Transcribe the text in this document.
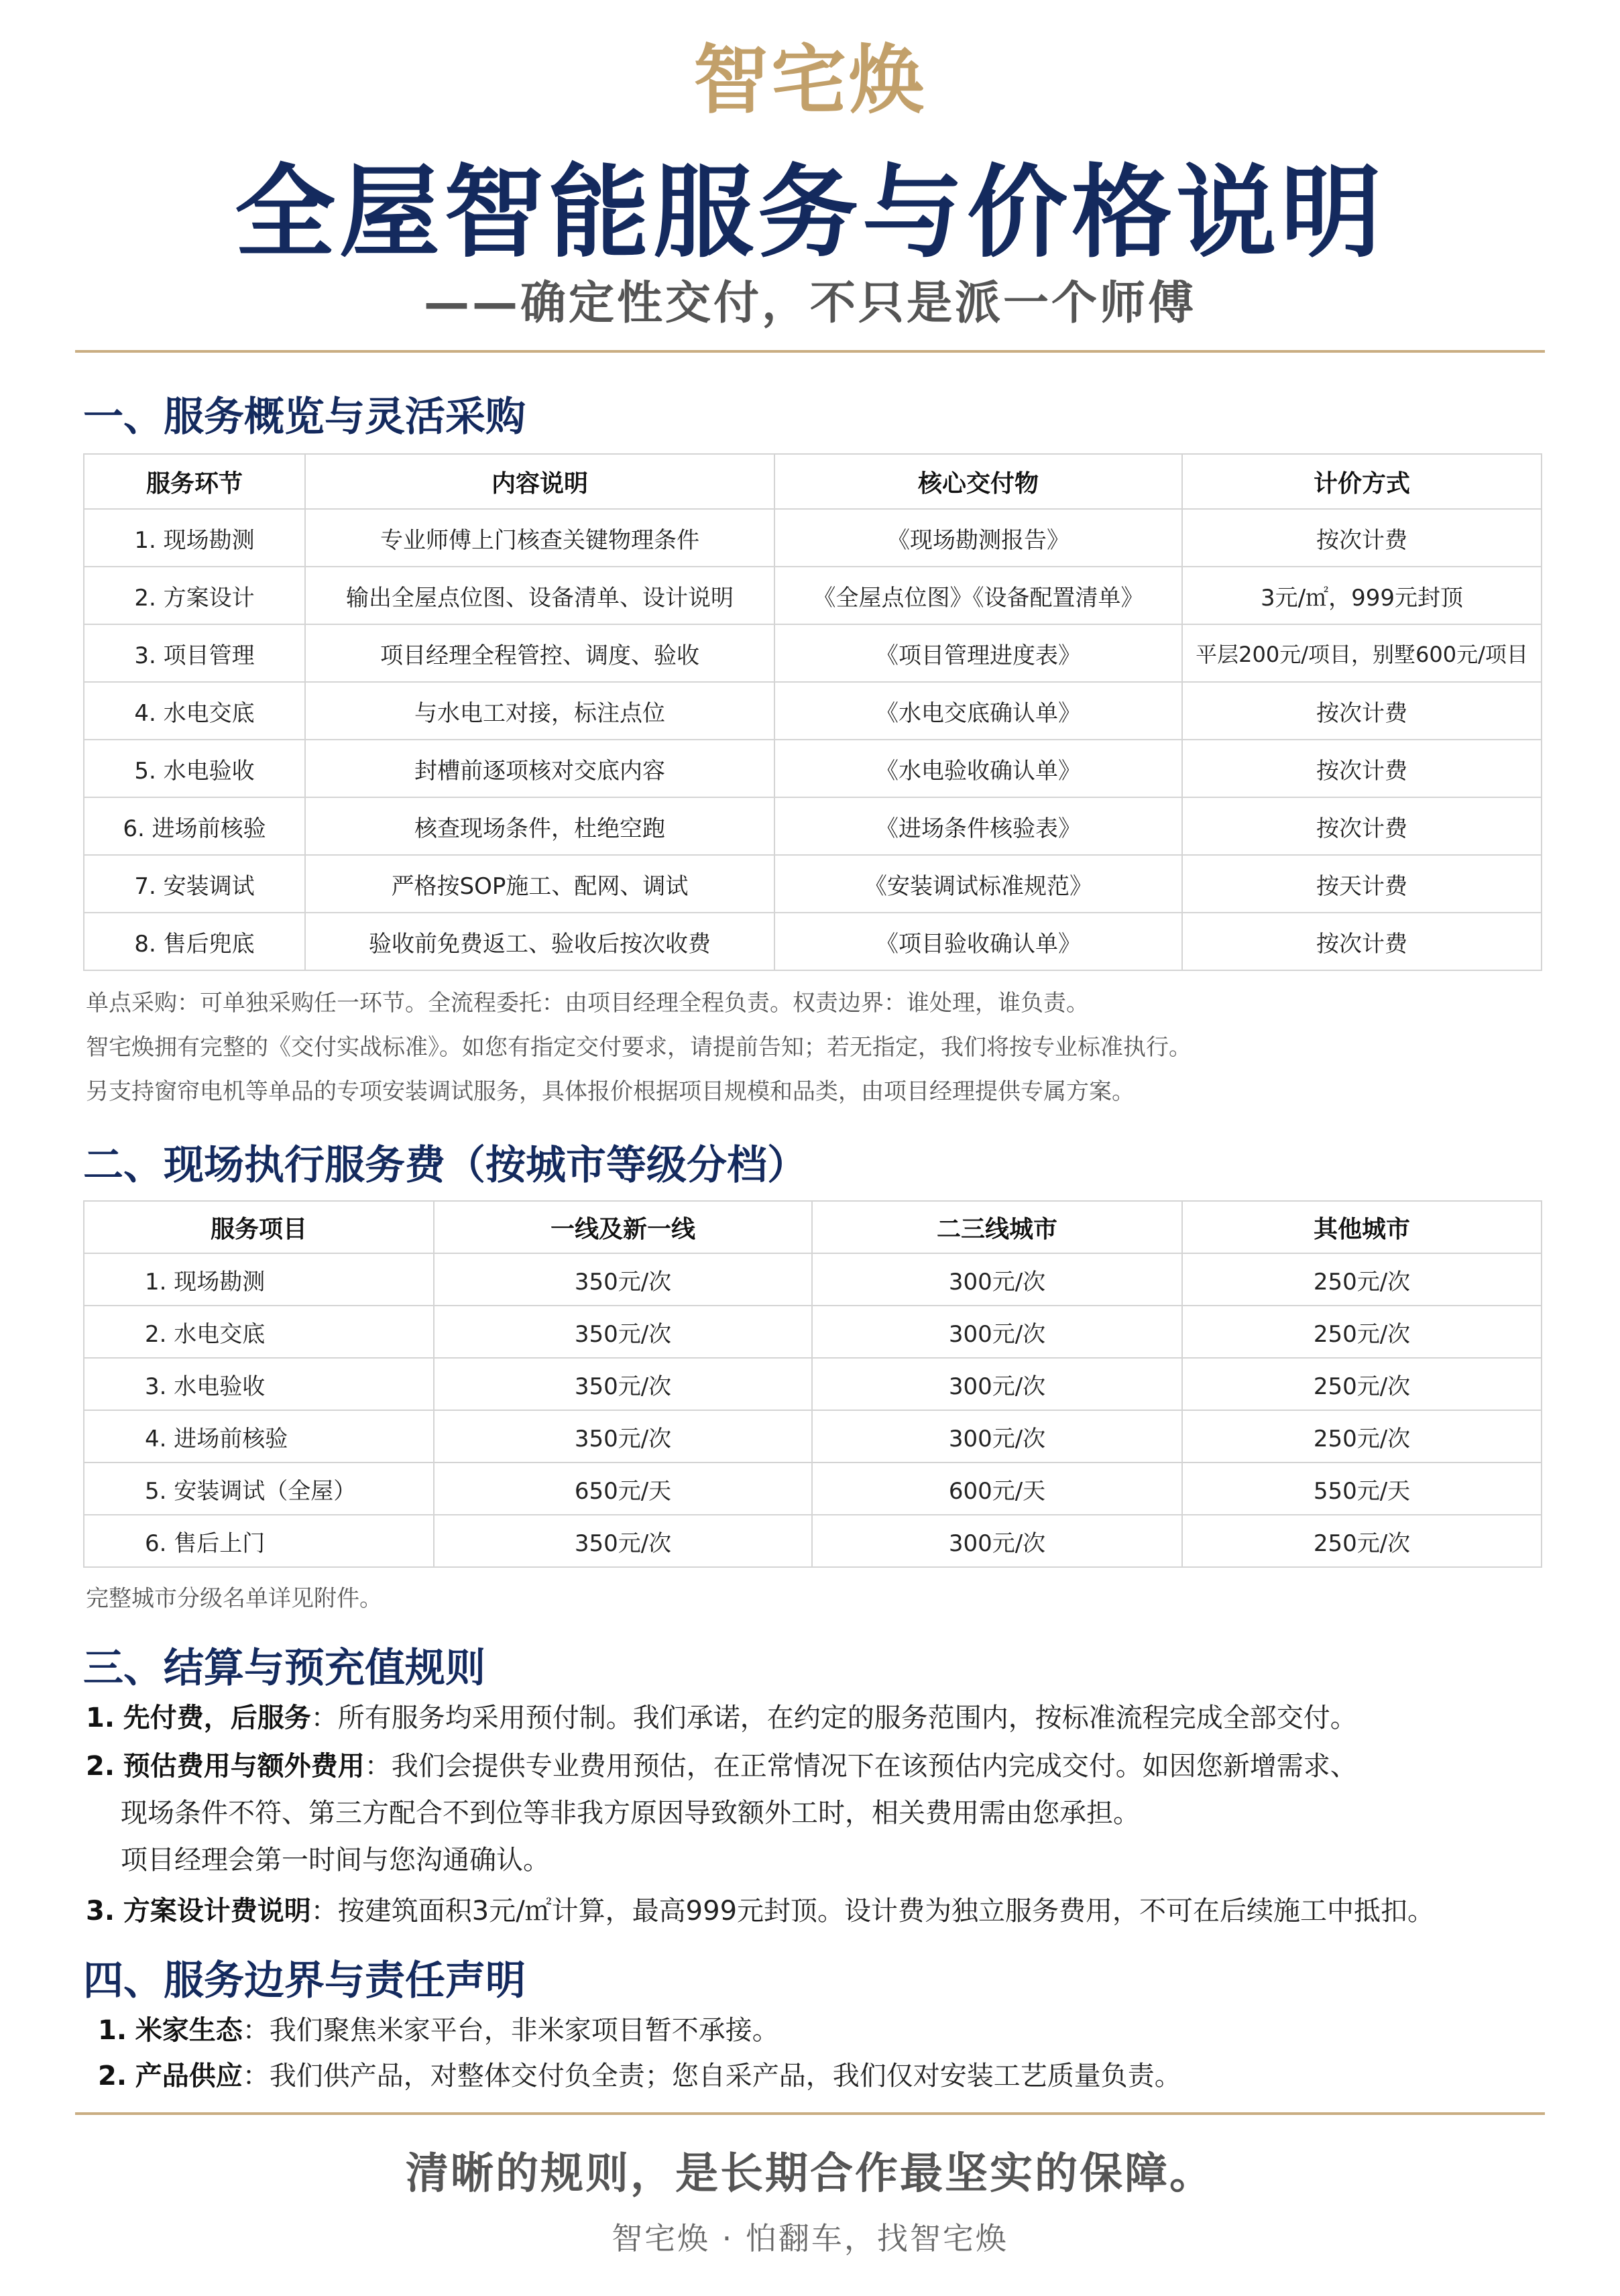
智宅焕
全屋智能服务与价格说明
——确定性交付，不只是派一个师傅
一、服务概览与灵活采购
服务环节	内容说明	核心交付物	计价方式
1. 现场勘测	专业师傅上门核查关键物理条件	《现场勘测报告》	按次计费
2. 方案设计	输出全屋点位图、设备清单、设计说明	《全屋点位图》《设备配置清单》	3元/㎡，999元封顶
3. 项目管理	项目经理全程管控、调度、验收	《项目管理进度表》	平层200元/项目，别墅600元/项目
4. 水电交底	与水电工对接，标注点位	《水电交底确认单》	按次计费
5. 水电验收	封槽前逐项核对交底内容	《水电验收确认单》	按次计费
6. 进场前核验	核查现场条件，杜绝空跑	《进场条件核验表》	按次计费
7. 安装调试	严格按SOP施工、配网、调试	《安装调试标准规范》	按天计费
8. 售后兜底	验收前免费返工、验收后按次收费	《项目验收确认单》	按次计费
单点采购：可单独采购任一环节。全流程委托：由项目经理全程负责。权责边界：谁处理，谁负责。
智宅焕拥有完整的《交付实战标准》。如您有指定交付要求，请提前告知；若无指定，我们将按专业标准执行。
另支持窗帘电机等单品的专项安装调试服务，具体报价根据项目规模和品类，由项目经理提供专属方案。
二、现场执行服务费（按城市等级分档）
服务项目	一线及新一线	二三线城市	其他城市
1. 现场勘测	350元/次	300元/次	250元/次
2. 水电交底	350元/次	300元/次	250元/次
3. 水电验收	350元/次	300元/次	250元/次
4. 进场前核验	350元/次	300元/次	250元/次
5. 安装调试（全屋）	650元/天	600元/天	550元/天
6. 售后上门	350元/次	300元/次	250元/次
完整城市分级名单详见附件。
三、结算与预充值规则
1. 先付费，后服务：所有服务均采用预付制。我们承诺，在约定的服务范围内，按标准流程完成全部交付。
2. 预估费用与额外费用：我们会提供专业费用预估，在正常情况下在该预估内完成交付。如因您新增需求、
现场条件不符、第三方配合不到位等非我方原因导致额外工时，相关费用需由您承担。
项目经理会第一时间与您沟通确认。
3. 方案设计费说明：按建筑面积3元/㎡计算，最高999元封顶。设计费为独立服务费用，不可在后续施工中抵扣。
四、服务边界与责任声明
1. 米家生态：我们聚焦米家平台，非米家项目暂不承接。
2. 产品供应：我们供产品，对整体交付负全责；您自采产品，我们仅对安装工艺质量负责。
清晰的规则，是长期合作最坚实的保障。
智宅焕 · 怕翻车，找智宅焕
